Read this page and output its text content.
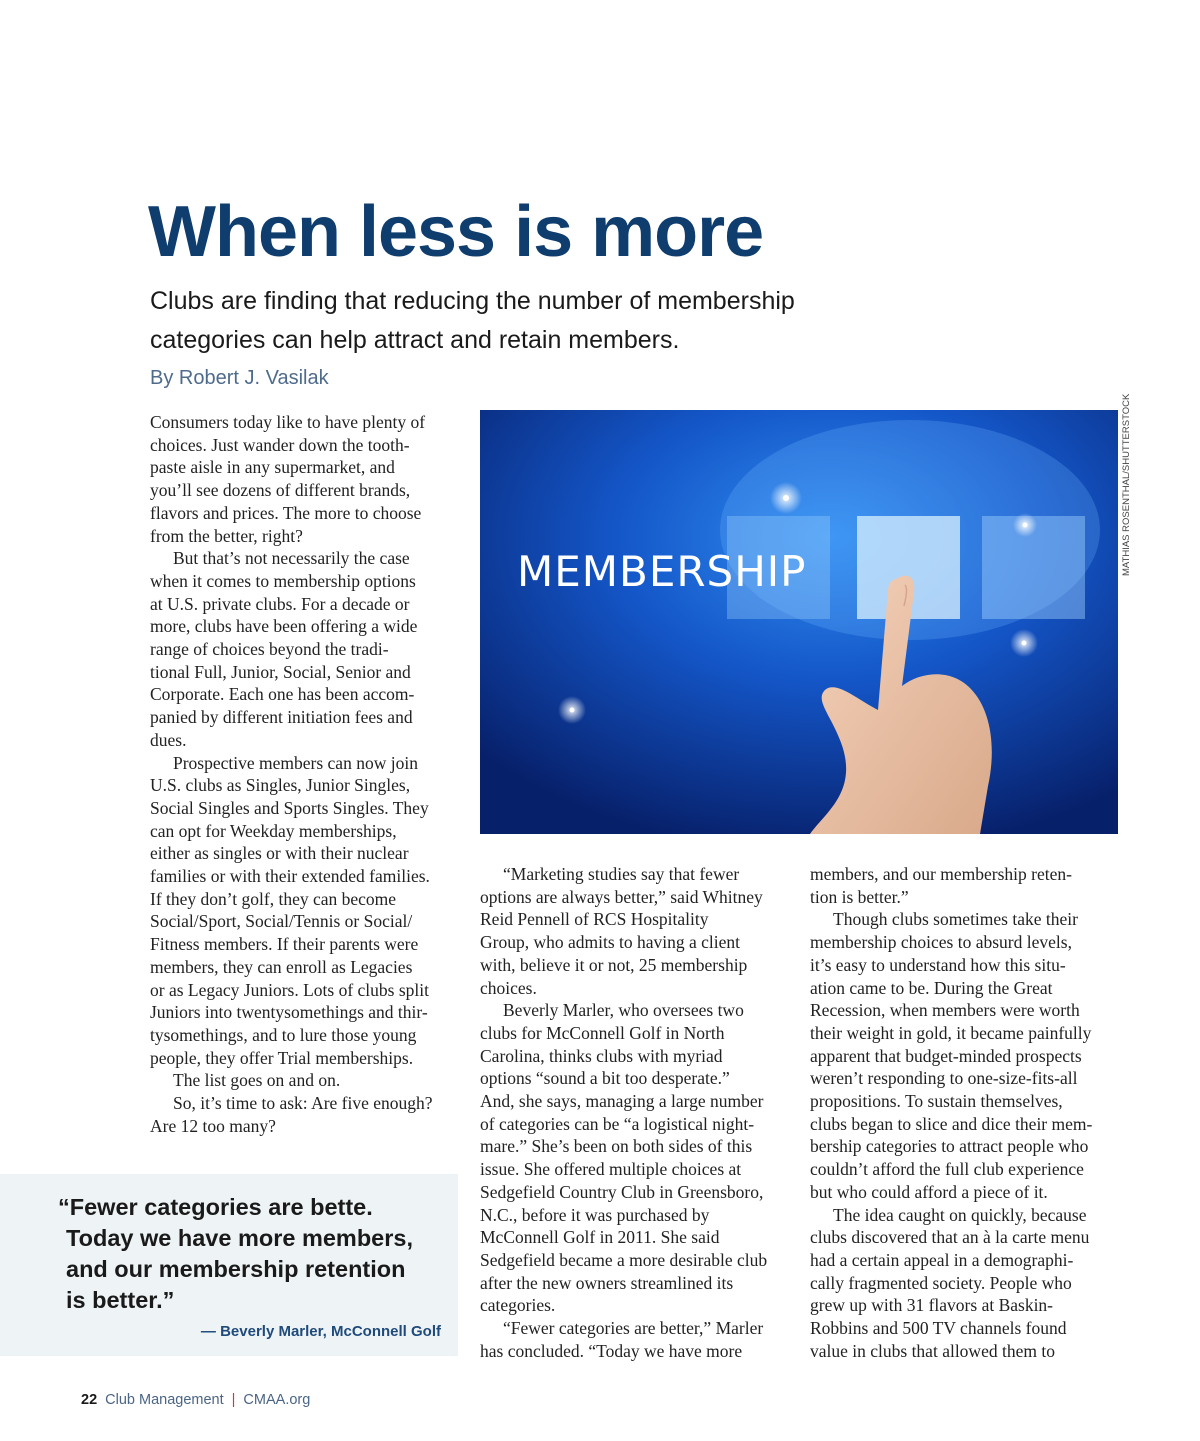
When less is more

Clubs are finding that reducing the number of membership categories can help attract and retain members.

By Robert J. Vasilak

Consumers today like to have plenty of
choices. Just wander down the tooth-
paste aisle in any supermarket, and
you’ll see dozens of different brands,
flavors and prices. The more to choose
from the better, right?

But that’s not necessarily the case
when it comes to membership options
at U.S. private clubs. For a decade or
more, clubs have been offering a wide
range of choices beyond the tradi-
tional Full, Junior, Social, Senior and
Corporate. Each one has been accom-
panied by different initiation fees and
dues.

Prospective members can now join
U.S. clubs as Singles, Junior Singles,
Social Singles and Sports Singles. They
can opt for Weekday memberships,
either as singles or with their nuclear
families or with their extended families.
If they don’t golf, they can become
Social/Sport, Social/Tennis or Social/
Fitness members. If their parents were
members, they can enroll as Legacies
or as Legacy Juniors. Lots of clubs split
Juniors into twentysomethings and thir-
tysomethings, and to lure those young
people, they offer Trial memberships.

The list goes on and on.

So, it’s time to ask: Are five enough?
Are 12 too many?

MEMBERSHIP	MATHIAS ROSENTHAL/SHUTTERSTOCK

“Marketing studies say that fewer
options are always better,” said Whitney
Reid Pennell of RCS Hospitality
Group, who admits to having a client
with, believe it or not, 25 membership
choices.

Beverly Marler, who oversees two
clubs for McConnell Golf in North
Carolina, thinks clubs with myriad
options “sound a bit too desperate.”
And, she says, managing a large number
of categories can be “a logistical night-
mare.” She’s been on both sides of this
issue. She offered multiple choices at
Sedgefield Country Club in Greensboro,
N.C., before it was purchased by
McConnell Golf in 2011. She said
Sedgefield became a more desirable club
after the new owners streamlined its
categories.

“Fewer categories are better,” Marler
has concluded. “Today we have more

members, and our membership reten-
tion is better.”

Though clubs sometimes take their
membership choices to absurd levels,
it’s easy to understand how this situ-
ation came to be. During the Great
Recession, when members were worth
their weight in gold, it became painfully
apparent that budget-minded prospects
weren’t responding to one-size-fits-all
propositions. To sustain themselves,
clubs began to slice and dice their mem-
bership categories to attract people who
couldn’t afford the full club experience
but who could afford a piece of it.

The idea caught on quickly, because
clubs discovered that an à la carte menu
had a certain appeal in a demographi-
cally fragmented society. People who
grew up with 31 flavors at Baskin-
Robbins and 500 TV channels found
value in clubs that allowed them to

“Fewer categories are bette.
Today we have more members,
and our membership retention
is better.”

— Beverly Marler, McConnell Golf
22 Club Management | CMAA.org
